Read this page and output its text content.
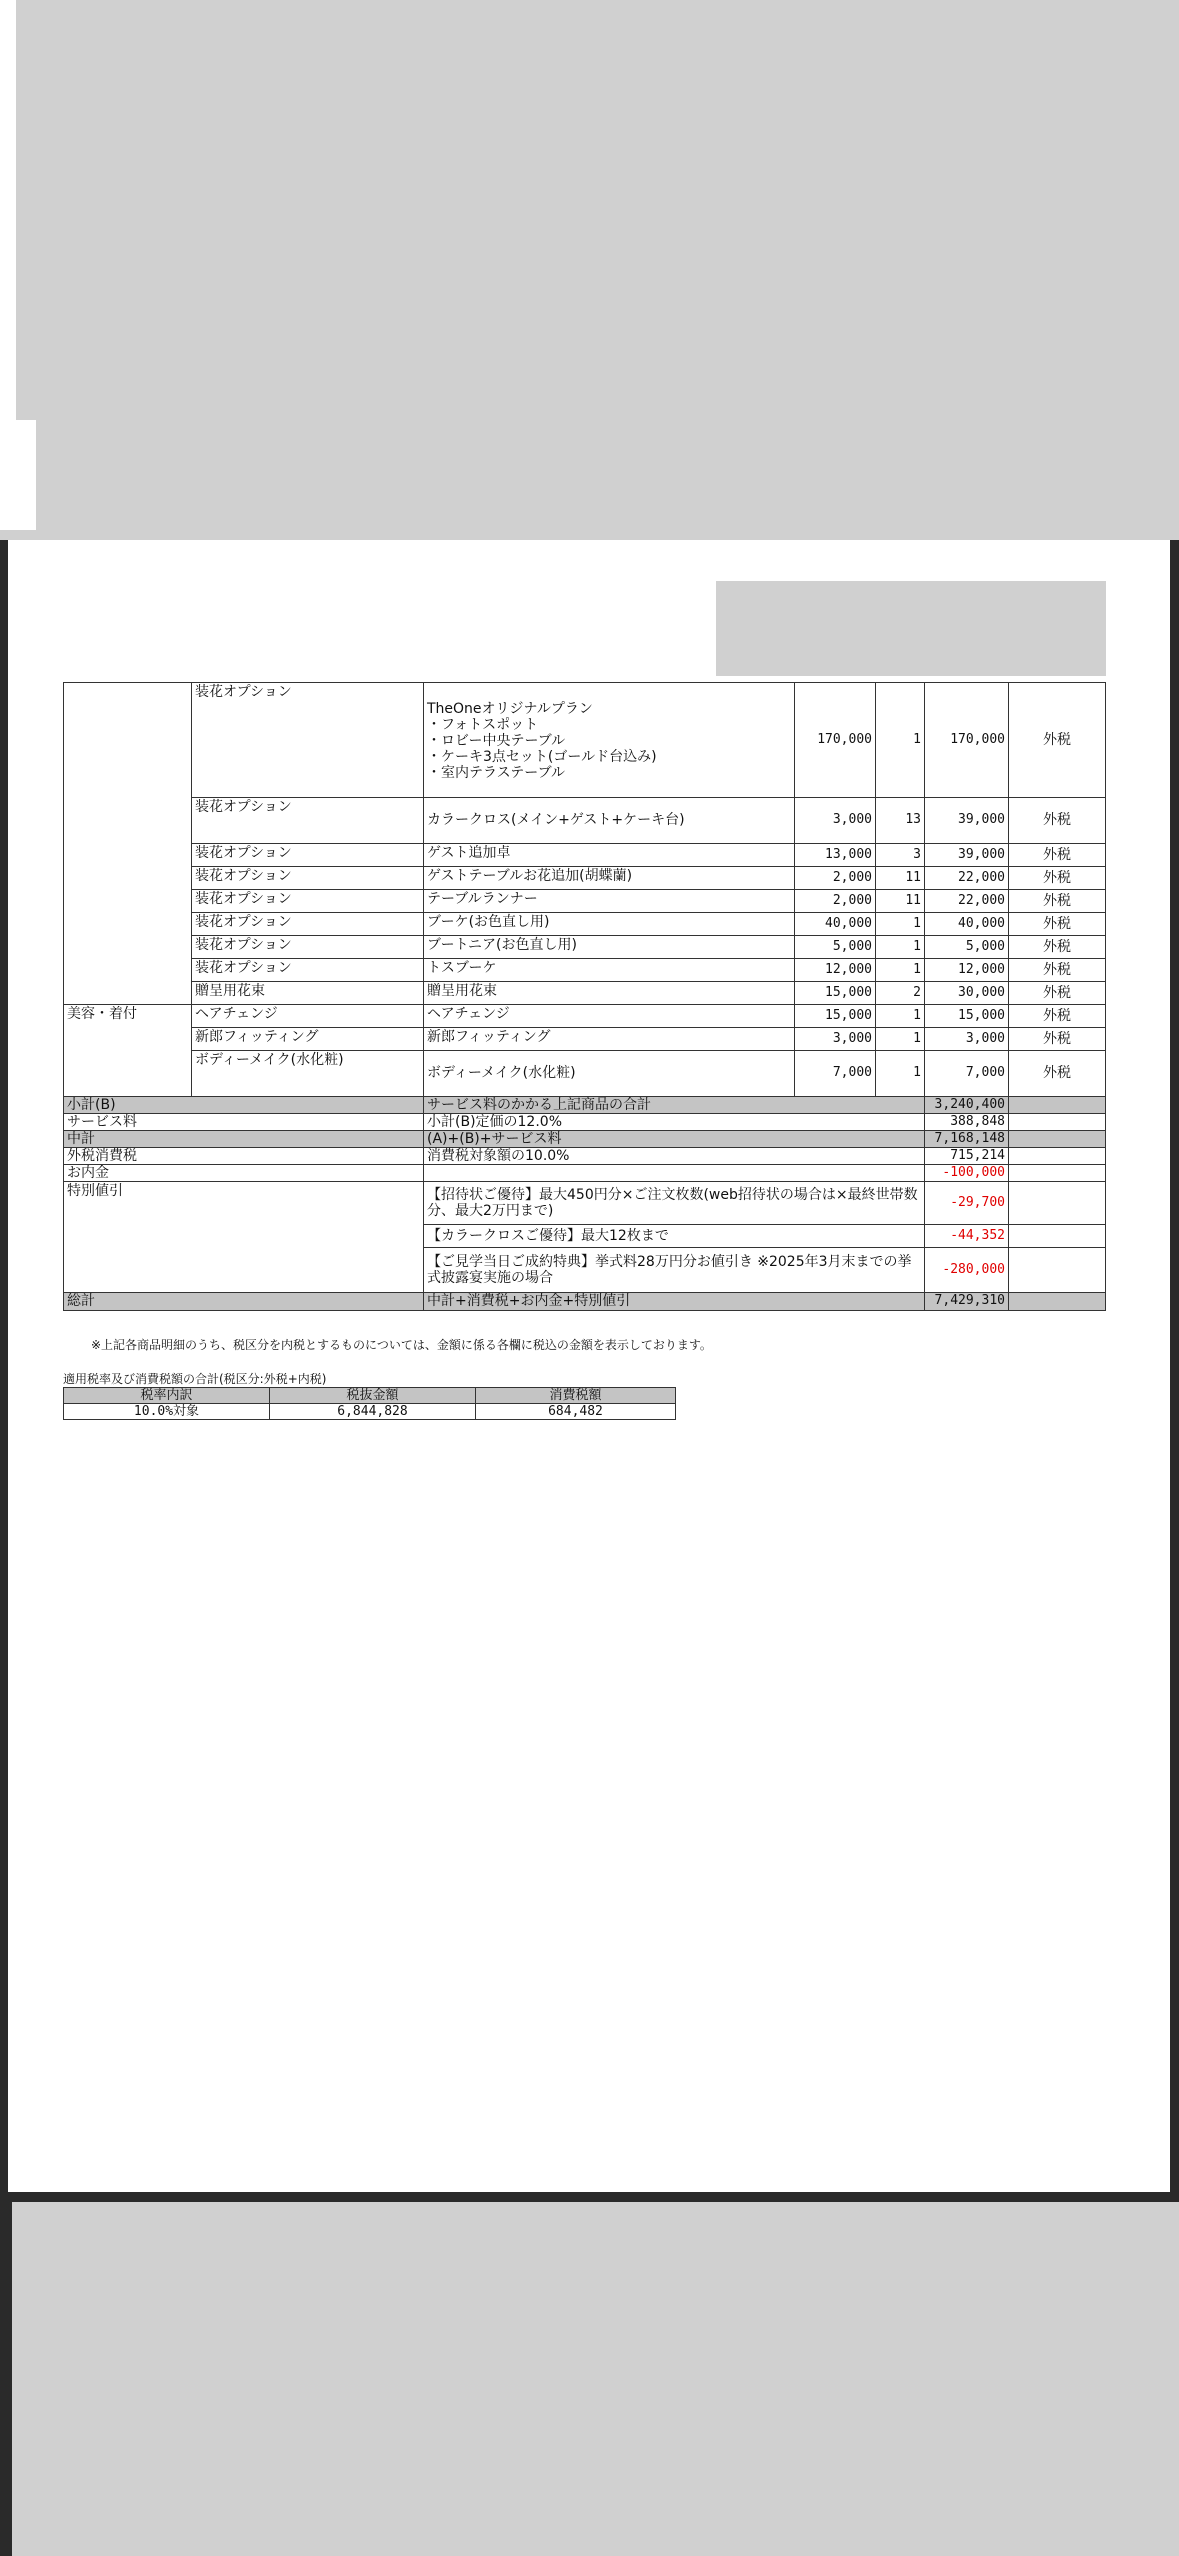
	装花オプション	TheOneオリジナルプラン
・フォトスポット
・ロビー中央テーブル
・ケーキ3点セット(ゴールド台込み)
・室内テラステーブル	170,000	1	170,000	外税
	装花オプション	カラークロス(メイン+ゲスト+ケーキ台)	3,000	13	39,000	外税
	装花オプション	ゲスト追加卓	13,000	3	39,000	外税
	装花オプション	ゲストテーブルお花追加(胡蝶蘭)	2,000	11	22,000	外税
	装花オプション	テーブルランナー	2,000	11	22,000	外税
	装花オプション	ブーケ(お色直し用)	40,000	1	40,000	外税
	装花オプション	ブートニア(お色直し用)	5,000	1	5,000	外税
	装花オプション	トスブーケ	12,000	1	12,000	外税
	贈呈用花束	贈呈用花束	15,000	2	30,000	外税
美容・着付	ヘアチェンジ	ヘアチェンジ	15,000	1	15,000	外税
	新郎フィッティング	新郎フィッティング	3,000	1	3,000	外税
	ボディーメイク(水化粧)	ボディーメイク(水化粧)	7,000	1	7,000	外税
小計(B)		サービス料のかかる上記商品の合計			3,240,400	
サービス料		小計(B)定価の12.0%			388,848	
中計		(A)+(B)+サービス料			7,168,148	
外税消費税		消費税対象額の10.0%			715,214	
お内金					-100,000	
特別値引		【招待状ご優待】最大450円分×ご注文枚数(web招待状の場合は×最終世帯数分、最大2万円まで)			-29,700	
		【カラークロスご優待】最大12枚まで			-44,352	
		【ご見学当日ご成約特典】挙式料28万円分お値引き ※2025年3月末までの挙式披露宴実施の場合			-280,000	
総計		中計+消費税+お内金+特別値引			7,429,310	
※上記各商品明細のうち、税区分を内税とするものについては、金額に係る各欄に税込の金額を表示しております。
適用税率及び消費税額の合計(税区分:外税+内税)
税率内訳	税抜金額	消費税額
10.0%対象	6,844,828	684,482
